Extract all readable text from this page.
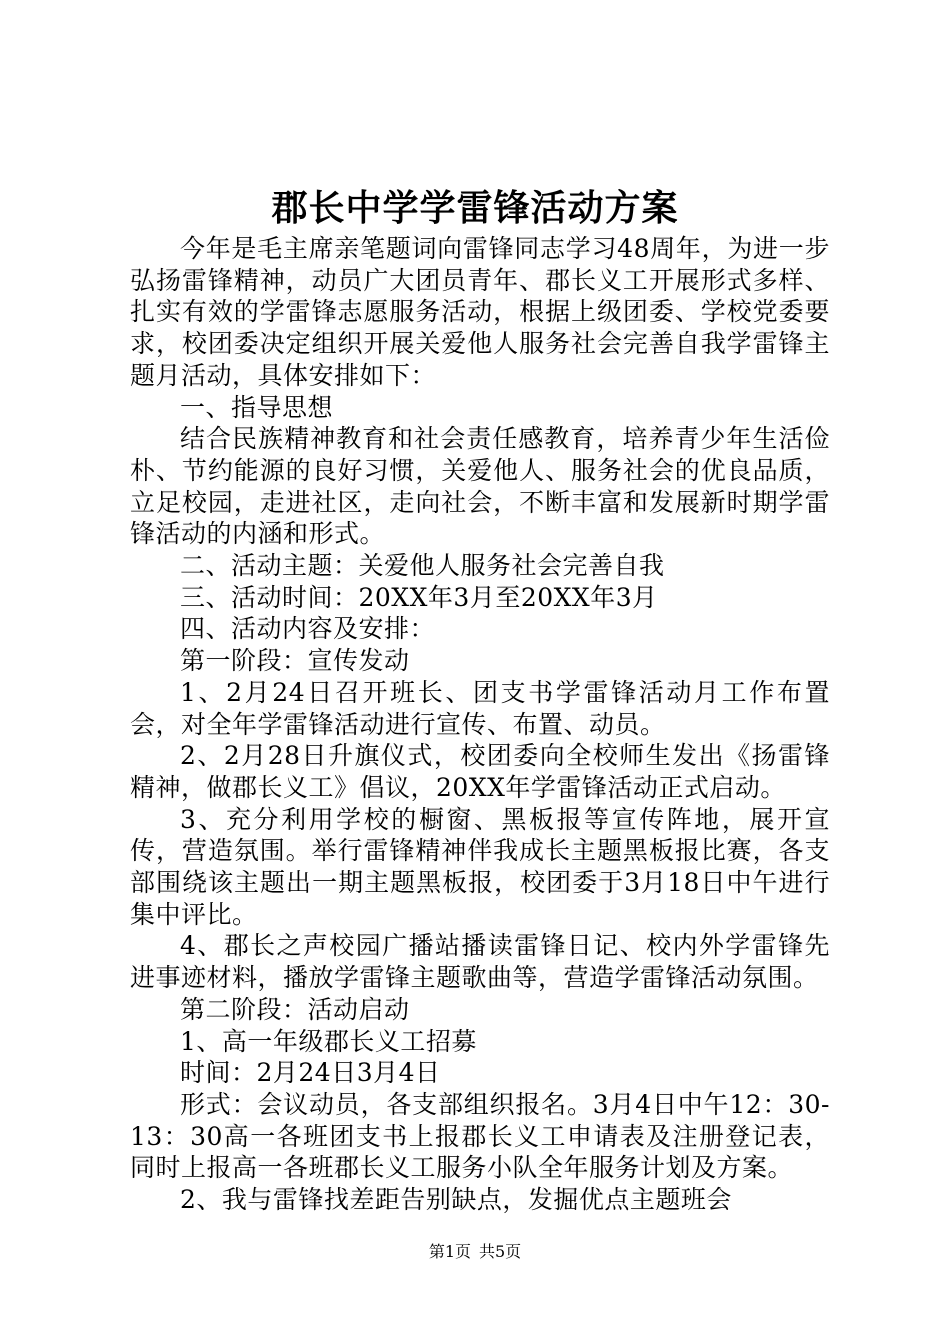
郡长中学学雷锋活动方案

今年是毛主席亲笔题词向雷锋同志学习48周年，为进一步弘扬雷锋精神，动员广大团员青年、郡长义工开展形式多样、扎实有效的学雷锋志愿服务活动，根据上级团委、学校党委要求，校团委决定组织开展关爱他人服务社会完善自我学雷锋主题月活动，具体安排如下：

一、指导思想

结合民族精神教育和社会责任感教育，培养青少年生活俭朴、节约能源的良好习惯，关爱他人、服务社会的优良品质，立足校园，走进社区，走向社会，不断丰富和发展新时期学雷锋活动的内涵和形式。

二、活动主题：关爱他人服务社会完善自我

三、活动时间：20XX年3月至20XX年3月

四、活动内容及安排：

第一阶段：宣传发动

1、2月24日召开班长、团支书学雷锋活动月工作布置会，对全年学雷锋活动进行宣传、布置、动员。

2、2月28日升旗仪式，校团委向全校师生发出《扬雷锋精神，做郡长义工》倡议，20XX年学雷锋活动正式启动。

3、充分利用学校的橱窗、黑板报等宣传阵地，展开宣传，营造氛围。举行雷锋精神伴我成长主题黑板报比赛，各支部围绕该主题出一期主题黑板报，校团委于3月18日中午进行集中评比。

4、郡长之声校园广播站播读雷锋日记、校内外学雷锋先进事迹材料，播放学雷锋主题歌曲等，营造学雷锋活动氛围。

第二阶段：活动启动

1、高一年级郡长义工招募

时间：2月24日3月4日

形式：会议动员，各支部组织报名。3月4日中午12：30-13：30高一各班团支书上报郡长义工申请表及注册登记表，同时上报高一各班郡长义工服务小队全年服务计划及方案。

2、我与雷锋找差距告别缺点，发掘优点主题班会

第1页 共5页
